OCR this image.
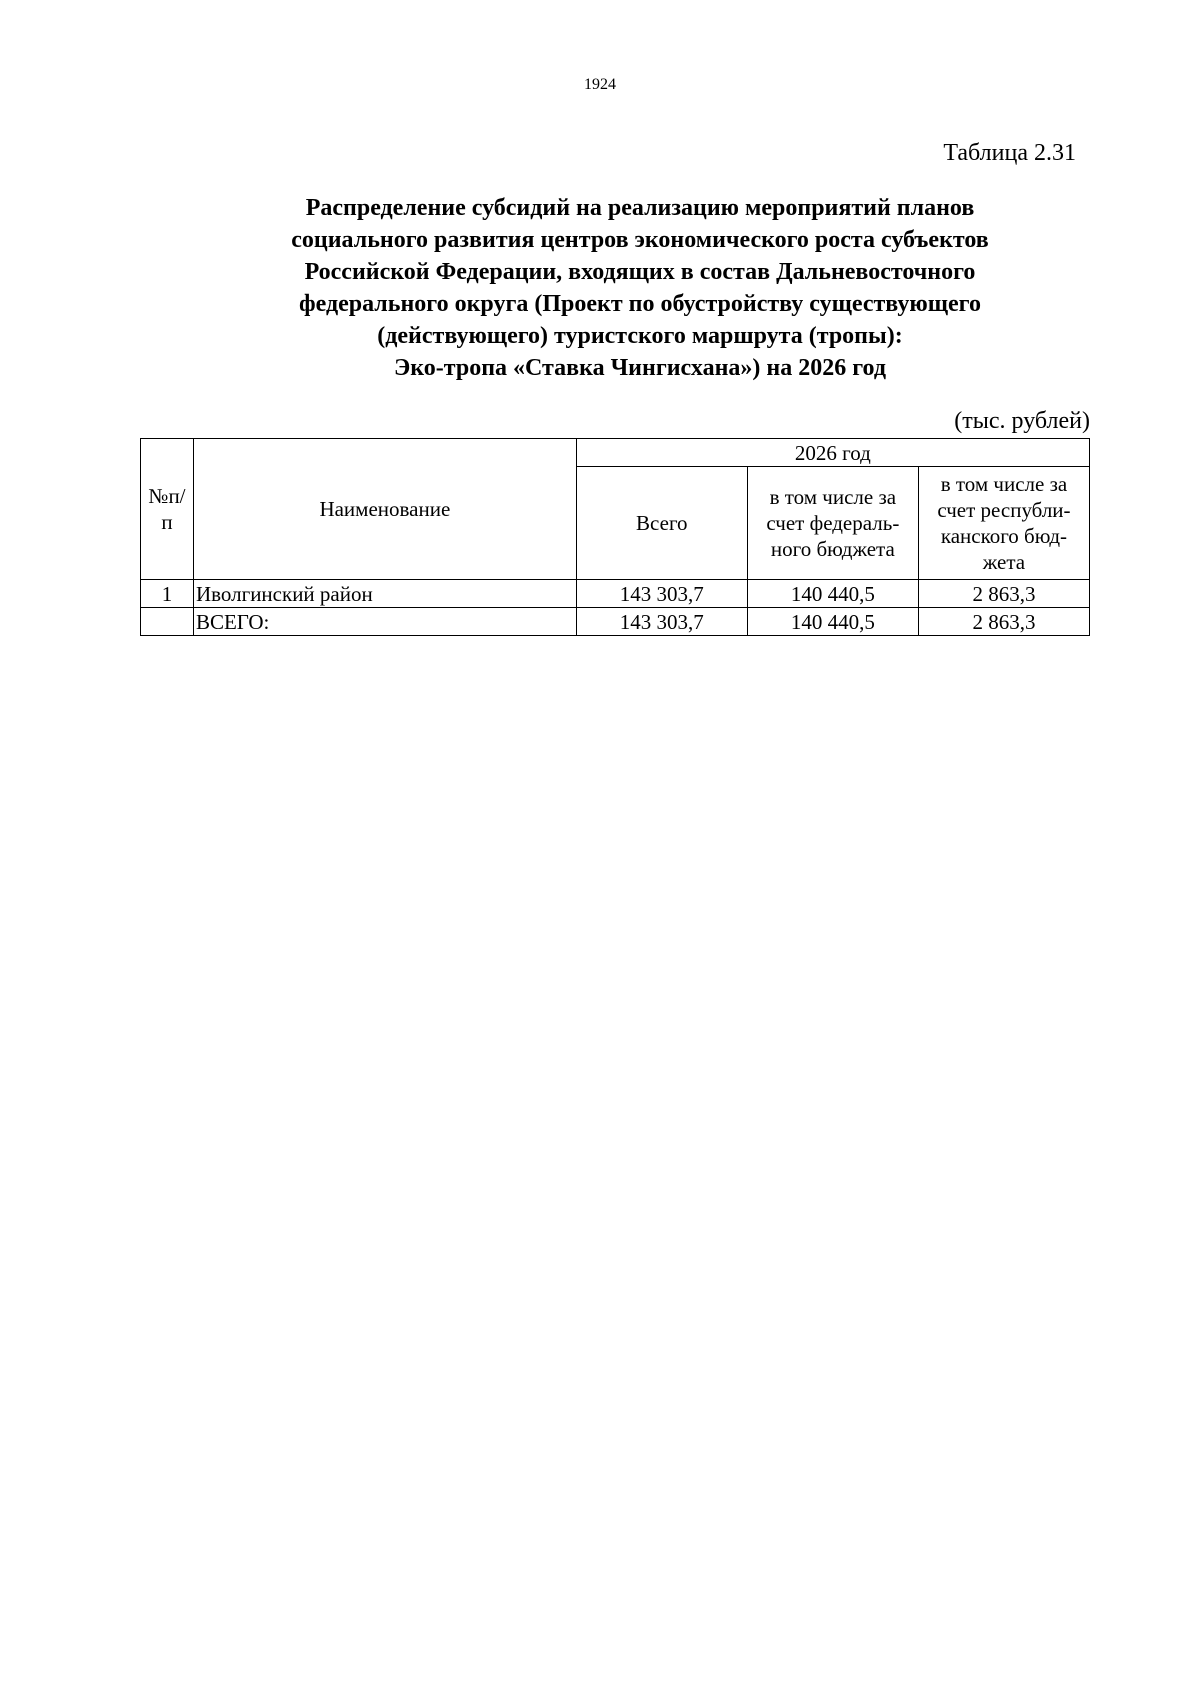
1924
Таблица 2.31
Распределение субсидий на реализацию мероприятий планов
социального развития центров экономического роста субъектов
Российской Федерации, входящих в состав Дальневосточного
федерального округа (Проект по обустройству существующего
(действующего) туристского маршрута (тропы):
Эко-тропа «Ставка Чингисхана») на 2026 год
(тыс. рублей)
№п/п	Наименование	2026 год		
		Всего	в том числе за счет федераль-ного бюджета	в том числе за счет республи-канского бюд-жета
1	Иволгинский район	143 303,7	140 440,5	2 863,3
	ВСЕГО:	143 303,7	140 440,5	2 863,3
